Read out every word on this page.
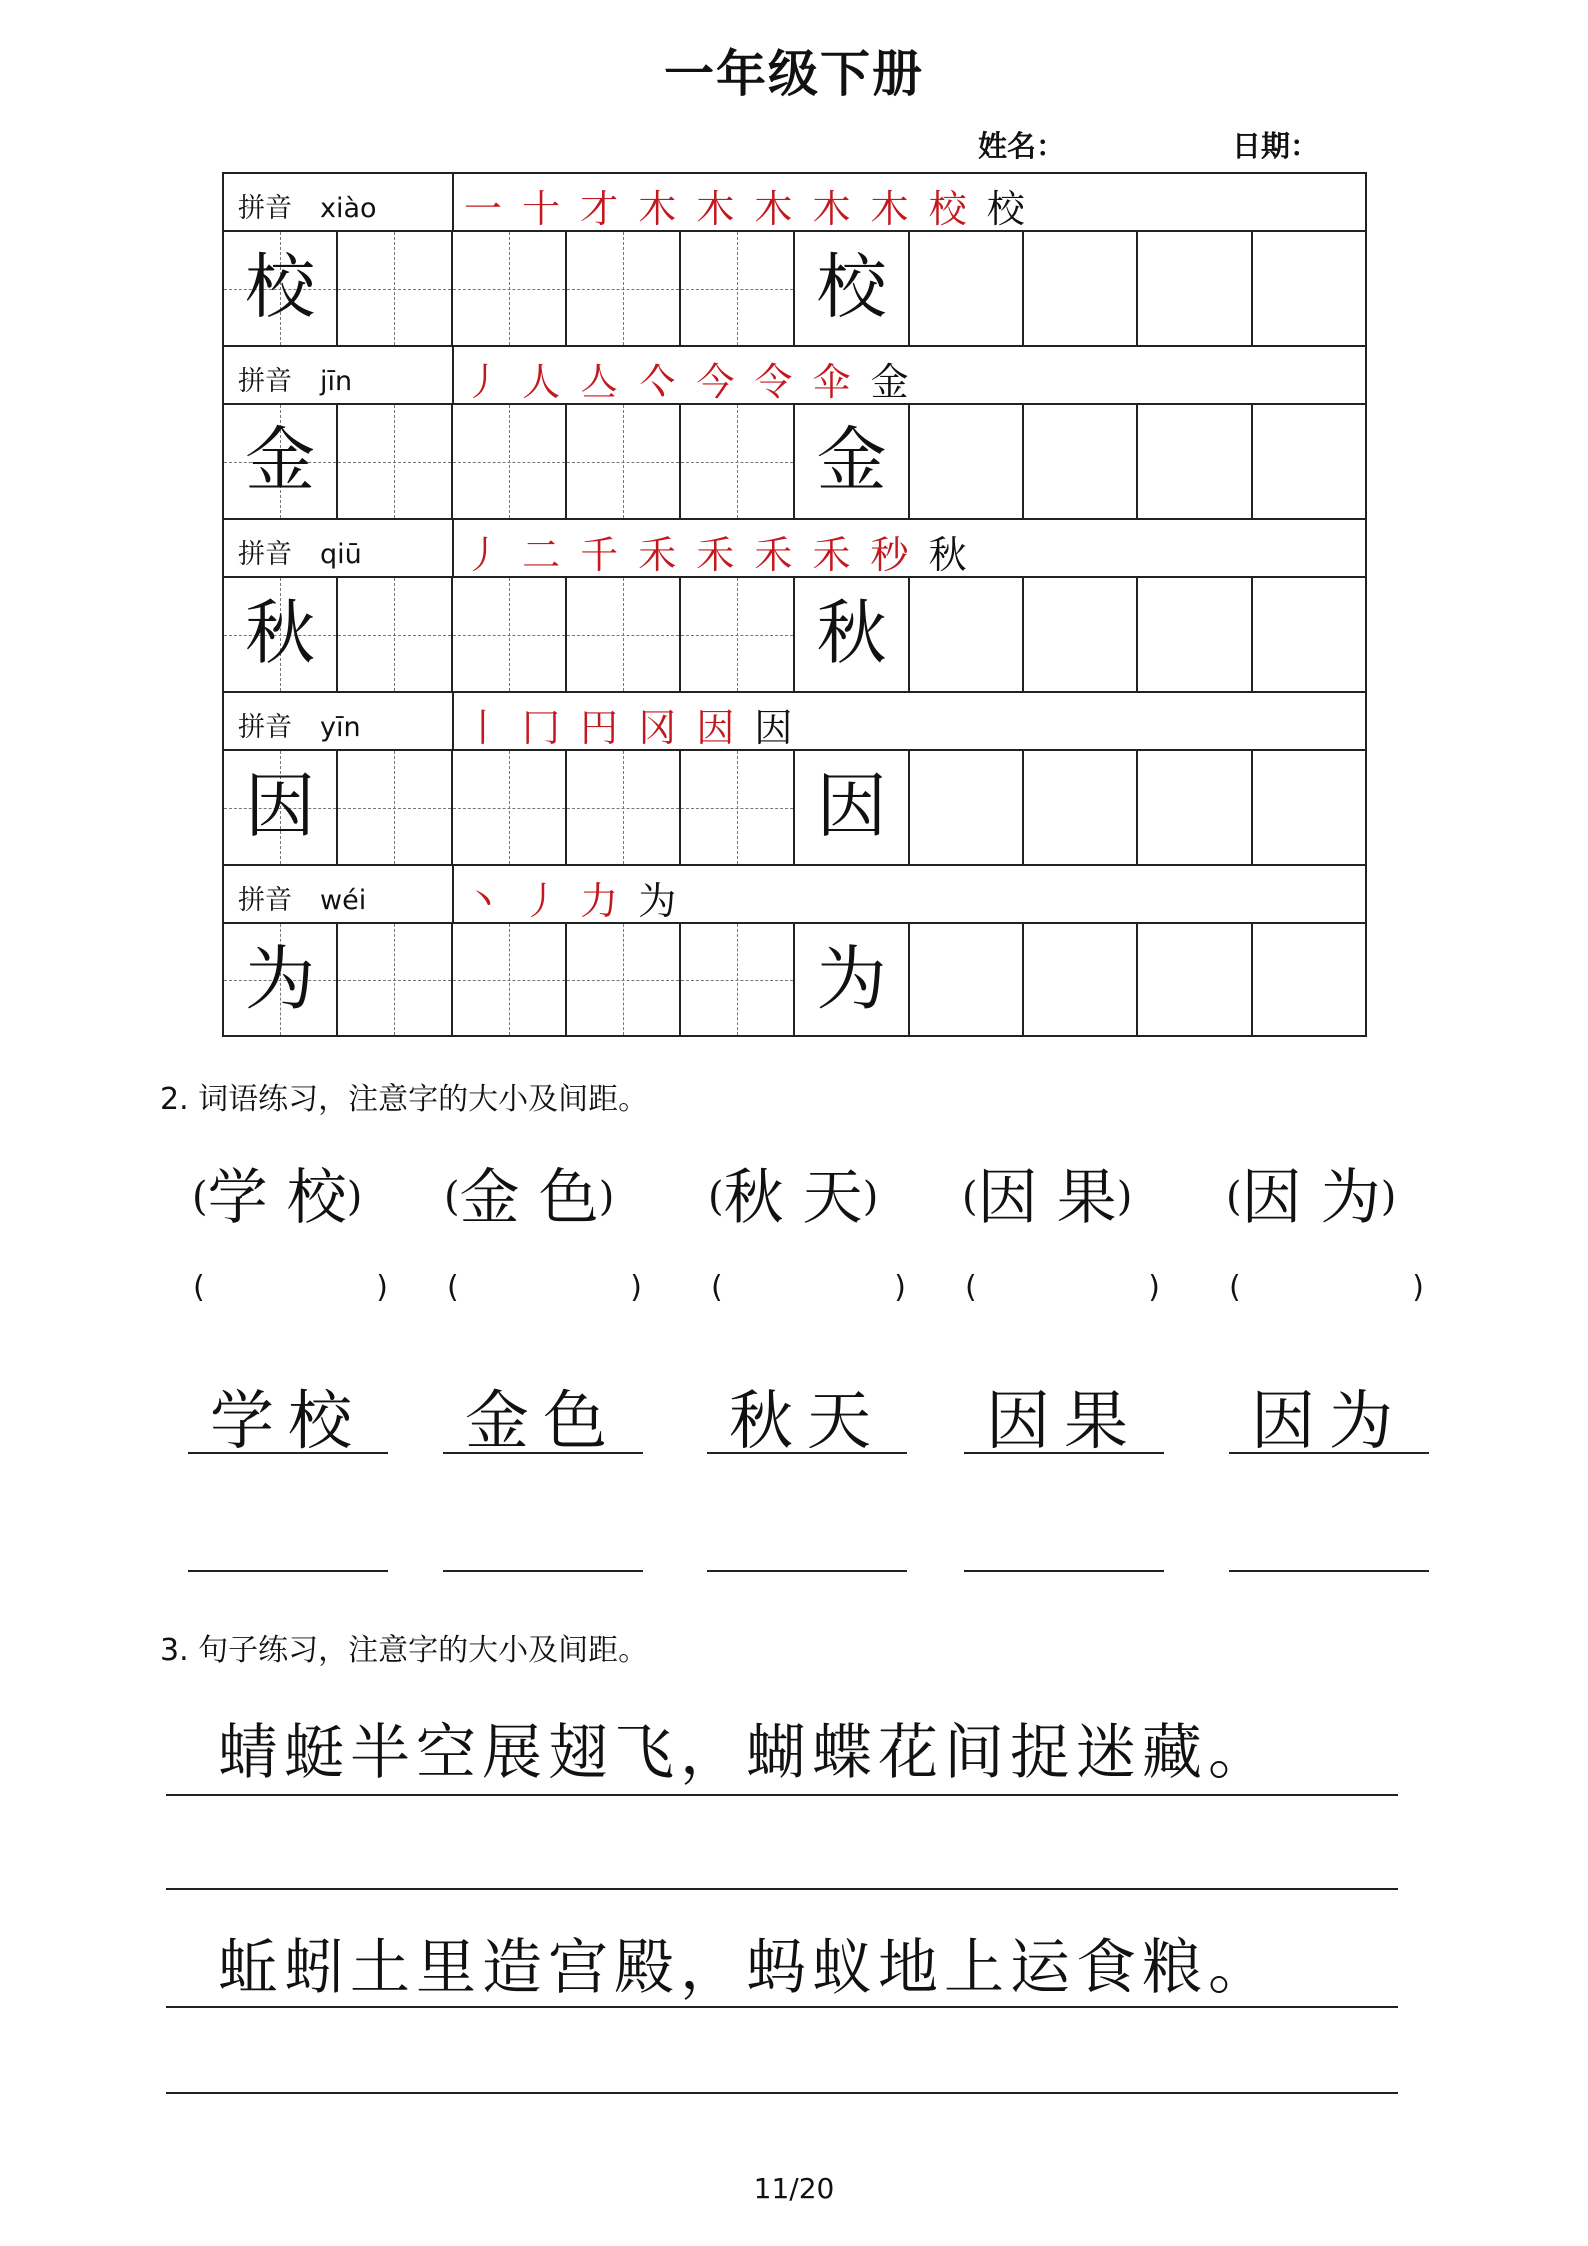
一年级下册
姓名：	日期：
拼音 xiào 一 十 才 木 木 木 木 木 校 校
校	校
拼音 jīn	丿 人 亼 亽 今 令 伞 金
金	金
拼音 qiū	丿 二 千 禾 禾 禾 禾 秒 秋
秋	秋
拼音 yīn	丨 冂 円 冈 因 因
因	因
拼音 wéi	丶 丿 力 为
为	为
2. 词语练习，注意字的大小及间距。
(学 校) (金 色) (秋 天) (因 果) (因 为)
(	) (	) (	) (	) (	)
学校	金色	秋天	因果	因为
3. 句子练习，注意字的大小及间距。
蜻蜓半空展翅飞，蝴蝶花间捉迷藏。
蚯蚓土里造宫殿，蚂蚁地上运食粮。
11/20
